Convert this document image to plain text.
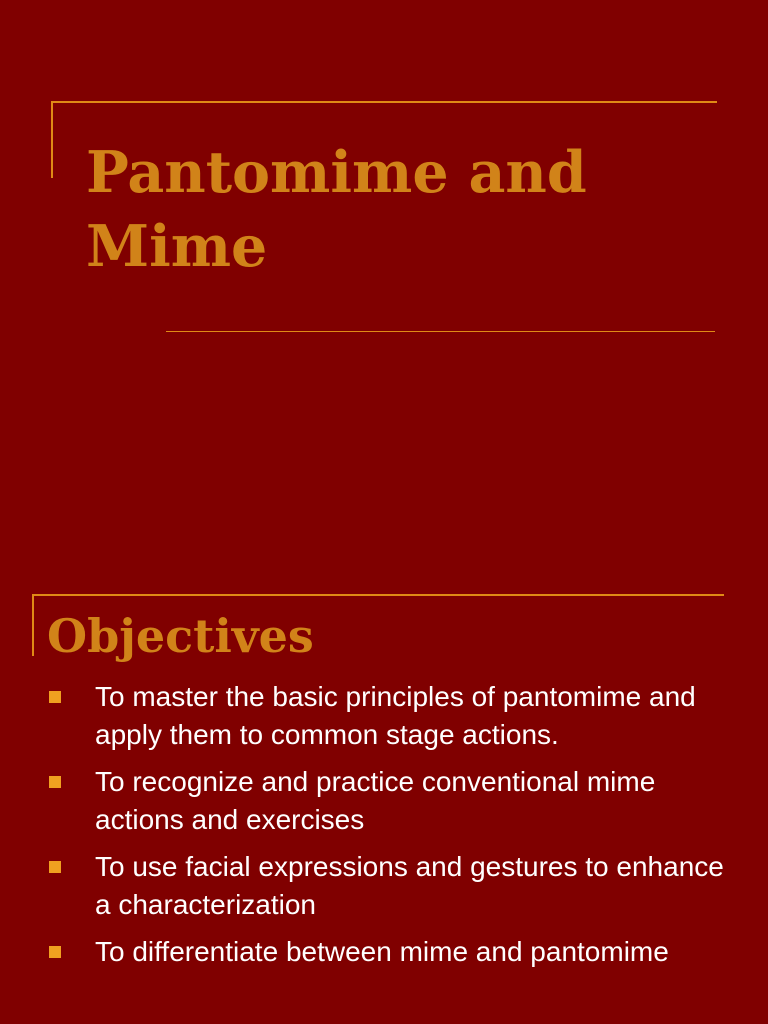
Pantomime and Mime
Objectives
To master the basic principles of pantomime and apply them to common stage actions.
To recognize and practice conventional mime actions and exercises
To use facial expressions and gestures to enhance a characterization
To differentiate between mime and pantomime
